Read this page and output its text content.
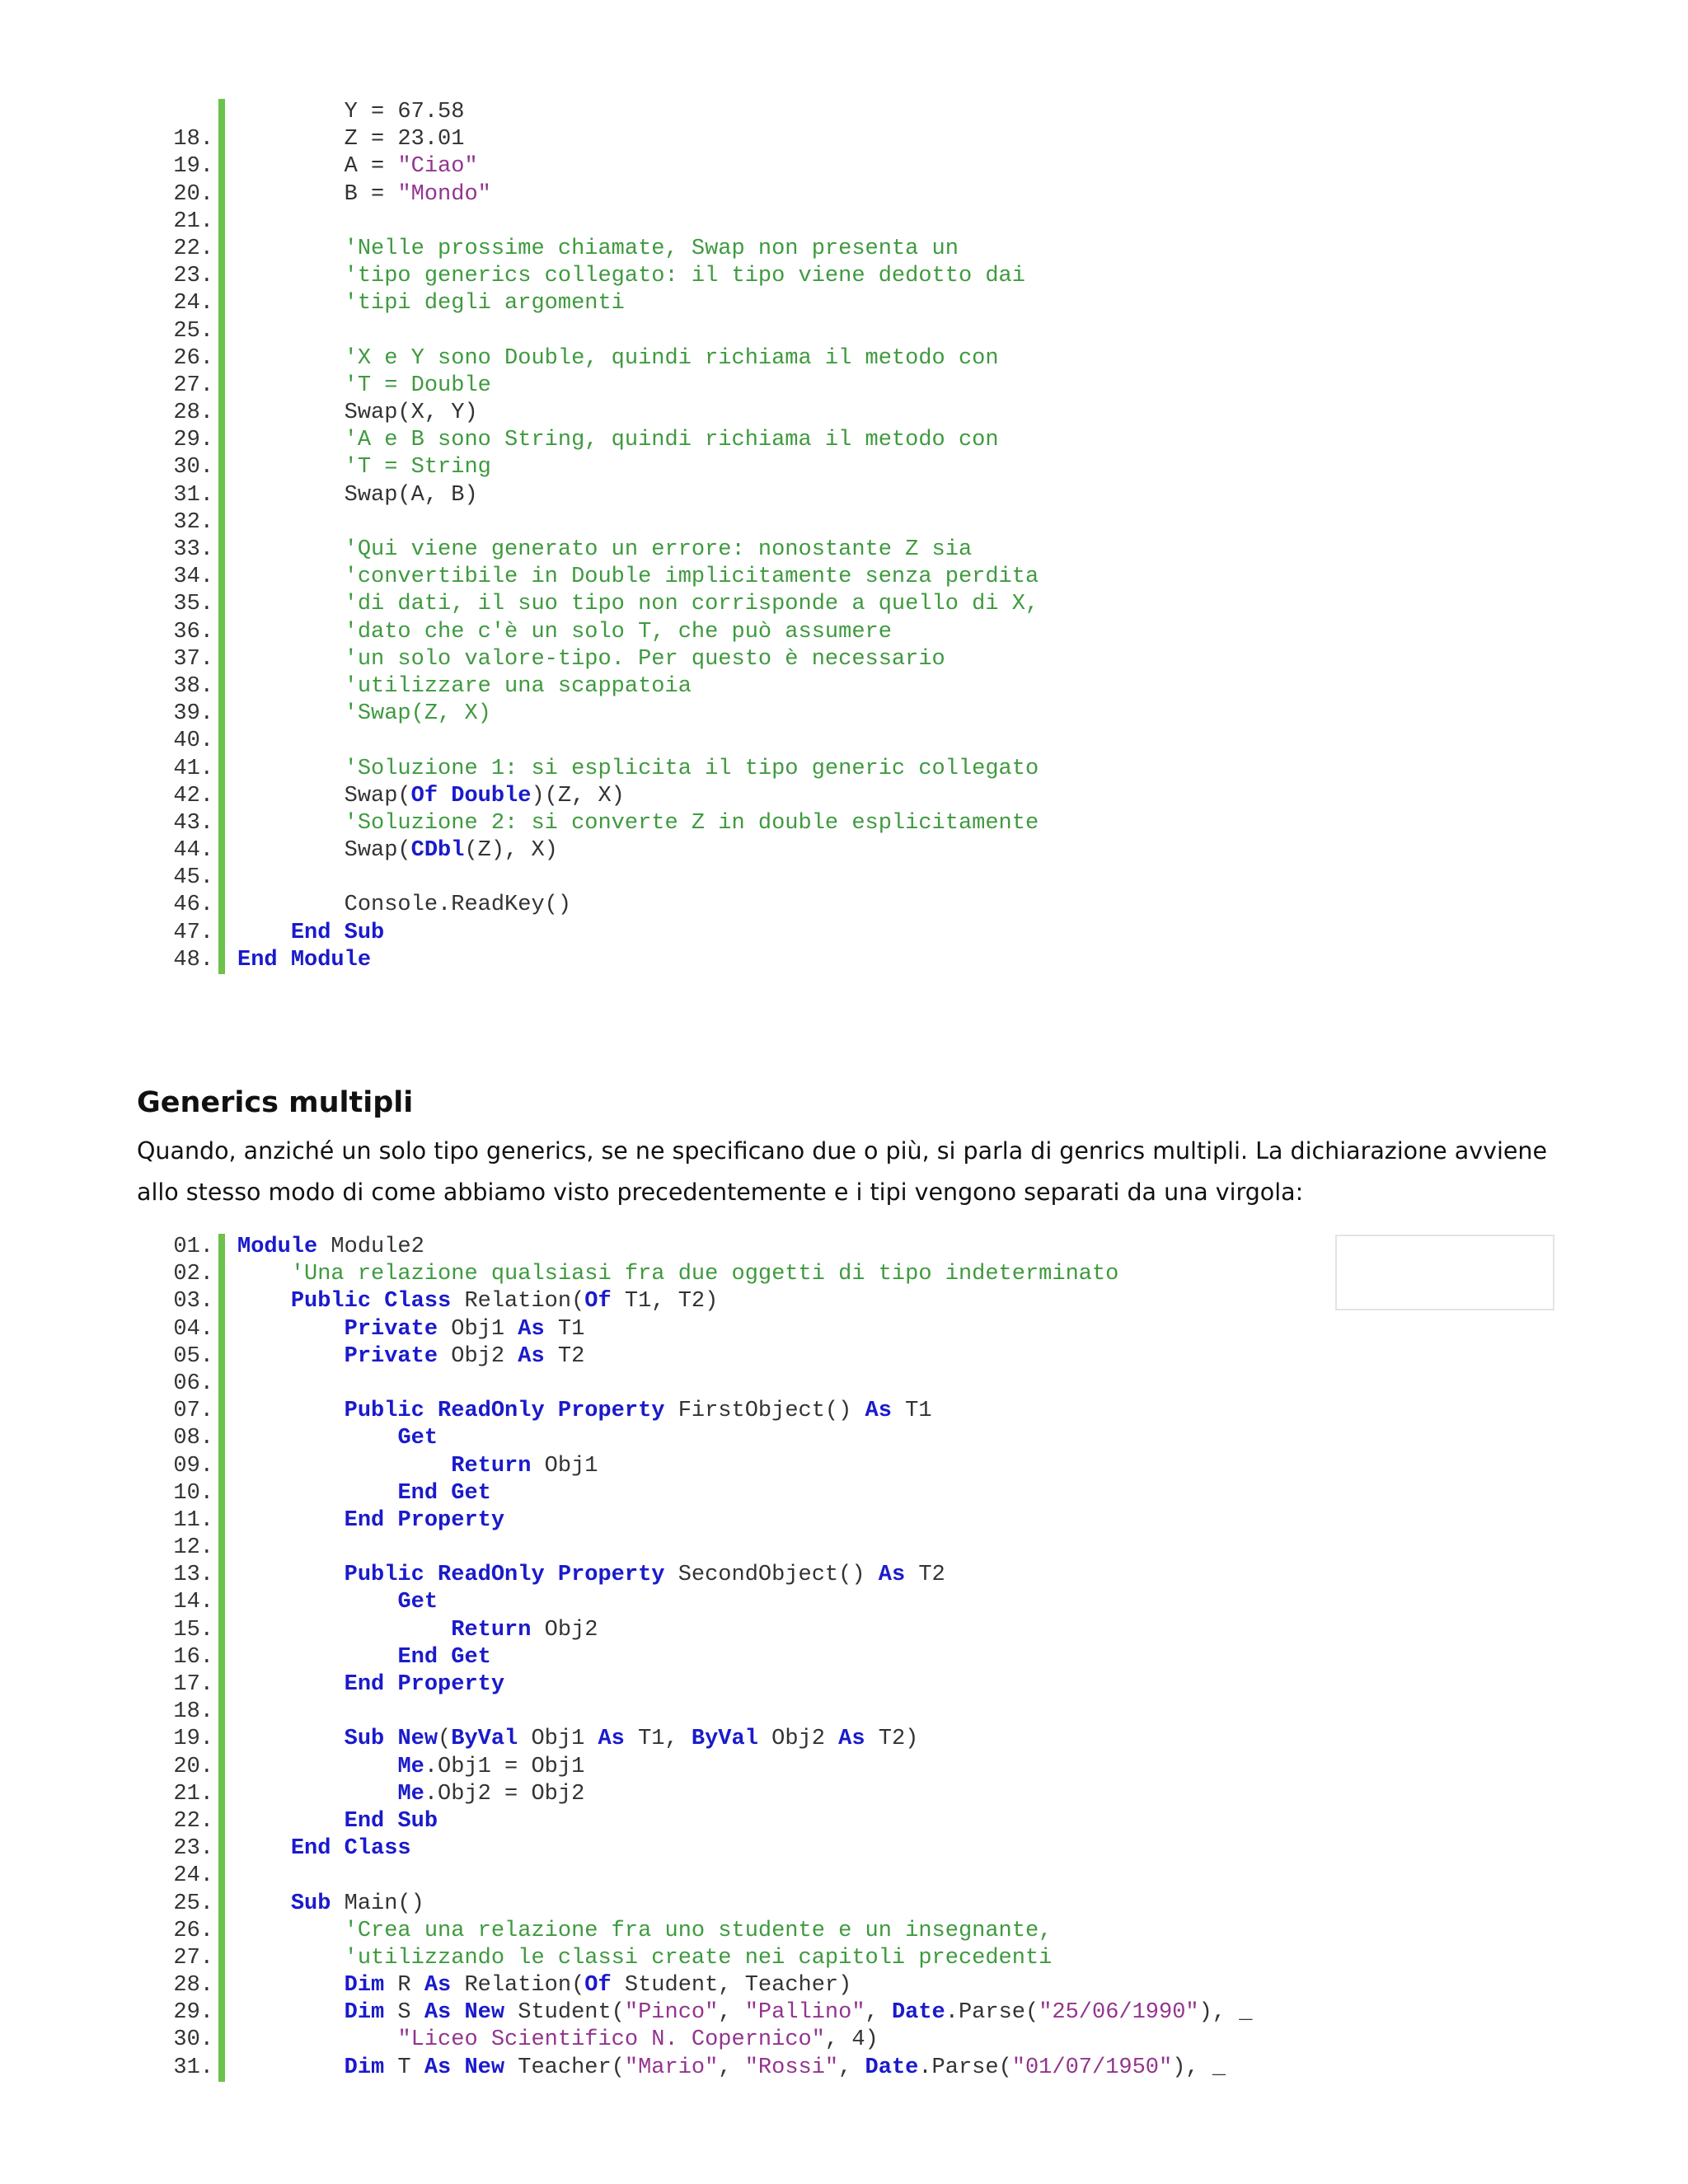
Y = 67.58
18. Z = 23.01
19. A = "Ciao"
20. B = "Mondo"
21.
22.	'Nelle prossime chiamate, Swap non presenta un
23.	'tipo generics collegato: il tipo viene dedotto dai
24.	'tipi degli argomenti
25.
26.	'X e Y sono Double, quindi richiama il metodo con
27.	'T = Double
28. Swap(X, Y)
29.	'A e B sono String, quindi richiama il metodo con
30.	'T = String
31. Swap(A, B)
32.
33.	'Qui viene generato un errore: nonostante Z sia
34.	'convertibile in Double implicitamente senza perdita
35.	'di dati, il suo tipo non corrisponde a quello di X,
36.	'dato che c'è un solo T, che può assumere
37.	'un solo valore-tipo. Per questo è necessario
38.	'utilizzare una scappatoia
39.	'Swap(Z, X)
40.
41.	'Soluzione 1: si esplicita il tipo generic collegato
42. Swap(Of Double)(Z, X)
43.	'Soluzione 2: si converte Z in double esplicitamente
44. Swap(CDbl(Z), X)
45.
46. Console.ReadKey()
47.	End Sub
48. End Module
Generics multipli

Quando, anziché un solo tipo generics, se ne specificano due o più, si parla di genrics multipli. La dichiarazione avviene allo stesso modo di come abbiamo visto precedentemente e i tipi vengono separati da una virgola:

01. Module Module2
02.	'Una relazione qualsiasi fra due oggetti di tipo indeterminato
03.	Public Class Relation(Of T1, T2)
04.	Private Obj1 As T1
05.	Private Obj2 As T2
06.
07.	Public ReadOnly Property FirstObject() As T1
08.	Get
09.	Return Obj1
10.	End Get
11.	End Property
12.
13.	Public ReadOnly Property SecondObject() As T2
14.	Get
15.	Return Obj2
16.	End Get
17.	End Property
18.
19.	Sub New(ByVal Obj1 As T1, ByVal Obj2 As T2)
20.	Me.Obj1 = Obj1
21.	Me.Obj2 = Obj2
22.	End Sub
23.	End Class
24.
25.	Sub Main()
26.	'Crea una relazione fra uno studente e un insegnante,
27.	'utilizzando le classi create nei capitoli precedenti
28.	Dim R As Relation(Of Student, Teacher)
29.	Dim S As New Student("Pinco", "Pallino", Date.Parse("25/06/1990"), _
30.	"Liceo Scientifico N. Copernico", 4)
31.	Dim T As New Teacher("Mario", "Rossi", Date.Parse("01/07/1950"), _
